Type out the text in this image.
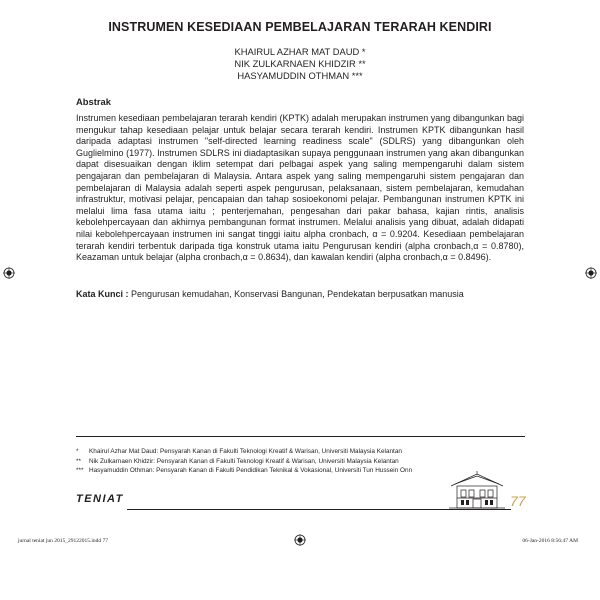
INSTRUMEN KESEDIAAN PEMBELAJARAN TERARAH KENDIRI
KHAIRUL AZHAR MAT DAUD *
NIK ZULKARNAEN KHIDZIR **
HASYAMUDDIN OTHMAN ***
Abstrak

Instrumen kesediaan pembelajaran terarah kendiri (KPTK) adalah merupakan instrumen yang dibangunkan bagi mengukur tahap kesediaan pelajar untuk belajar secara terarah kendiri. Instrumen KPTK dibangunkan hasil daripada adaptasi instrumen "self-directed learning readiness scale" (SDLRS) yang dibangunkan oleh Guglielmino (1977). Instrumen SDLRS ini diadaptasikan supaya penggunaan instrumen yang akan dibangunkan dapat disesuaikan dengan iklim setempat dari pelbagai aspek yang saling mempengaruhi dalam sistem pengajaran dan pembelajaran di Malaysia. Antara aspek yang saling mempengaruhi sistem pengajaran dan pembelajaran di Malaysia adalah seperti aspek pengurusan, pelaksanaan, sistem pembelajaran, kemudahan infrastruktur, motivasi pelajar, pencapaian dan tahap sosioekonomi pelajar. Pembangunan instrumen KPTK ini melalui lima fasa utama iaitu ; penterjemahan, pengesahan dari pakar bahasa, kajian rintis, analisis kebolehpercayaan dan akhirnya pembangunan format instrumen. Melalui analisis yang dibuat, adalah didapati nilai kebolehpercayaan instrumen ini sangat tinggi iaitu alpha cronbach, α = 0.9204. Kesediaan pembelajaran terarah kendiri terbentuk daripada tiga konstruk utama iaitu Pengurusan kendiri (alpha cronbach,α = 0.8780), Keazaman untuk belajar (alpha cronbach,α = 0.8634), dan kawalan kendiri (alpha cronbach,α = 0.8496).

Kata Kunci : Pengurusan kemudahan, Konservasi Bangunan, Pendekatan berpusatkan manusia
* Khairul Azhar Mat Daud: Pensyarah Kanan di Fakulti Teknologi Kreatif & Warisan, Universiti Malaysia Kelantan
** Nik Zulkarnaen Khidzir: Pensyarah Kanan di Fakulti Teknologi Kreatif & Warisan, Universiti Malaysia Kelantan
*** Hasyamuddin Othman: Pensyarah Kanan di Fakulti Pendidikan Teknikal & Vokasional, Universiti Tun Hussein Onn
TENIAT	77
jurnal teniat jun 2015_29122015.indd 77	06-Jan-2016 8:56:47 AM
